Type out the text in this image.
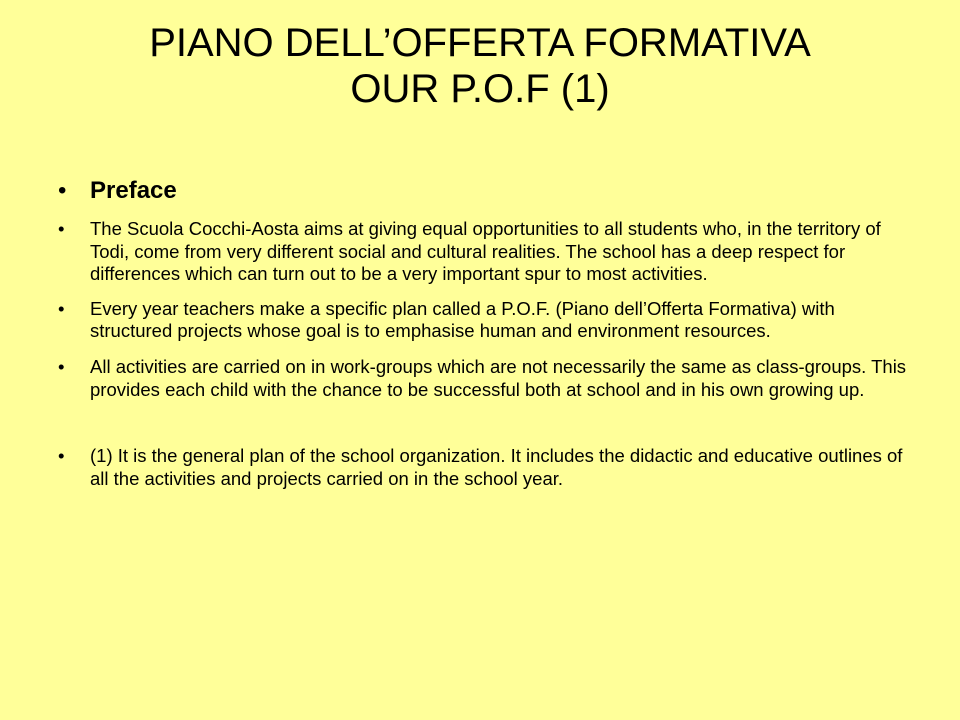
PIANO DELL’OFFERTA FORMATIVA
OUR P.O.F (1)
• Preface
• The Scuola Cocchi-Aosta aims at giving equal opportunities to all students who, in the territory of Todi, come from very different social and cultural realities. The school has a deep respect for differences which can turn out to be a very important spur to most activities.
• Every year teachers make a specific plan called a P.O.F. (Piano dell’Offerta Formativa) with structured projects whose goal is to emphasise human and environment resources.
• All activities are carried on in work-groups which are not necessarily the same as class-groups. This provides each child with the chance to be successful both at school and in his own growing up.
• (1) It is the general plan of the school organization. It includes the didactic and educative outlines of all the activities and projects carried on in the school year.
